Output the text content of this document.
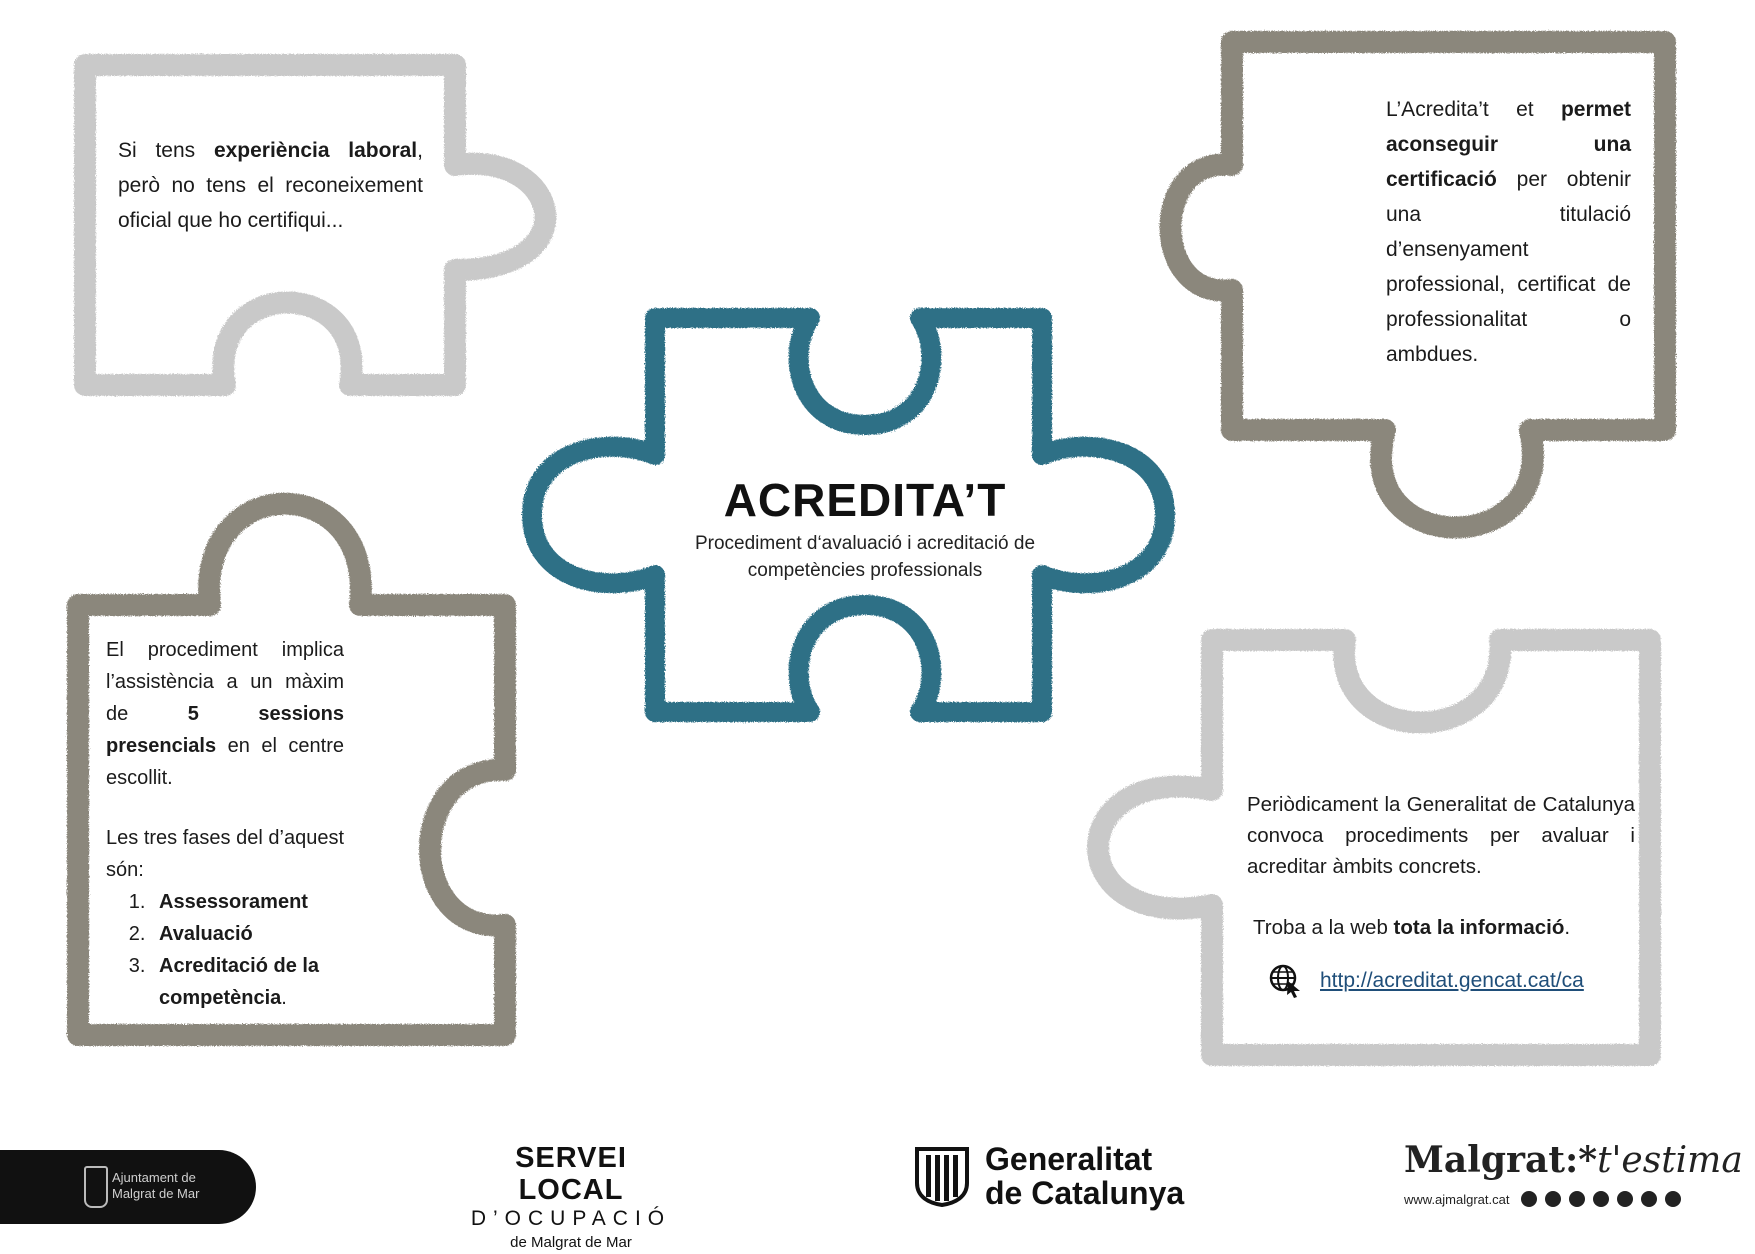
ACREDITA’T
Procediment d‘avaluació i acreditació de
competències professionals
Si tens experiència laboral, però no tens el reconeixement oficial que ho certifiqui...
L’Acredita’t et permet aconseguir una certificació per obtenir una titulació d’ensenyament professional, certificat de professionalitat o ambdues.

El procediment implica l’assistència a un màxim de 5 sessions presencials en el centre escollit.

Les tres fases del d’aquest són:

1. Assessorament
2. Avaluació
3. Acreditació de la competència.

Periòdicament la Generalitat de Catalunya convoca procediments per avaluar i acreditar àmbits concrets.

Troba a la web tota la informació.

http://acreditat.gencat.cat/ca
Ajuntament de
Malgrat de Mar
SERVEI LOCAL
D’OCUPACIÓ
de Malgrat de Mar
Generalitat
de Catalunya
Malgrat:*t'estima
www.ajmalgrat.cat
